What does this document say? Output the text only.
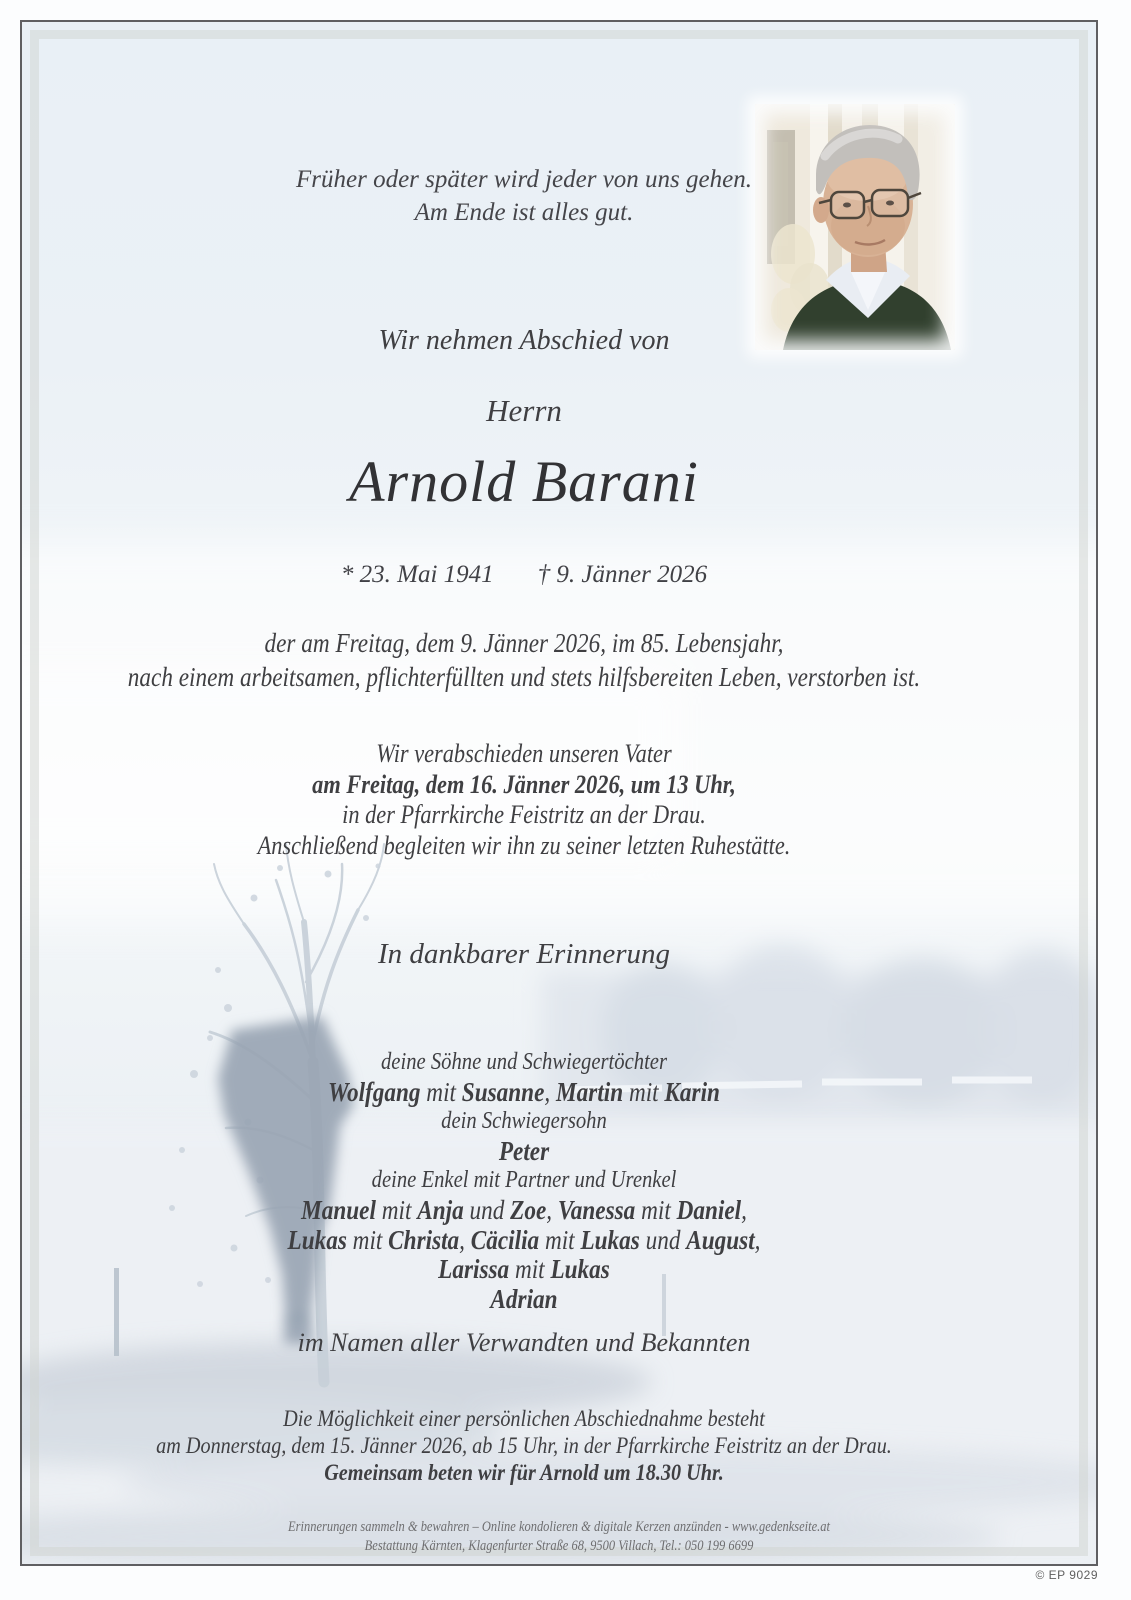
Früher oder später wird jeder von uns gehen.
Am Ende ist alles gut.
Wir nehmen Abschied von
Herrn
Arnold Barani
* 23. Mai 1941 † 9. Jänner 2026
der am Freitag, dem 9. Jänner 2026, im 85. Lebensjahr,
nach einem arbeitsamen, pflichterfüllten und stets hilfsbereiten Leben, verstorben ist.
Wir verabschieden unseren Vater
am Freitag, dem 16. Jänner 2026, um 13 Uhr,
in der Pfarrkirche Feistritz an der Drau.
Anschließend begleiten wir ihn zu seiner letzten Ruhestätte.
In dankbarer Erinnerung
deine Söhne und Schwiegertöchter
Wolfgang mit Susanne, Martin mit Karin
dein Schwiegersohn
Peter
deine Enkel mit Partner und Urenkel
Manuel mit Anja und Zoe, Vanessa mit Daniel,
Lukas mit Christa, Cäcilia mit Lukas und August,
Larissa mit Lukas
Adrian
im Namen aller Verwandten und Bekannten
Die Möglichkeit einer persönlichen Abschiednahme besteht
am Donnerstag, dem 15. Jänner 2026, ab 15 Uhr, in der Pfarrkirche Feistritz an der Drau.
Gemeinsam beten wir für Arnold um 18.30 Uhr.
Erinnerungen sammeln & bewahren – Online kondolieren & digitale Kerzen anzünden - www.gedenkseite.at
Bestattung Kärnten, Klagenfurter Straße 68, 9500 Villach, Tel.: 050 199 6699
© EP 9029
